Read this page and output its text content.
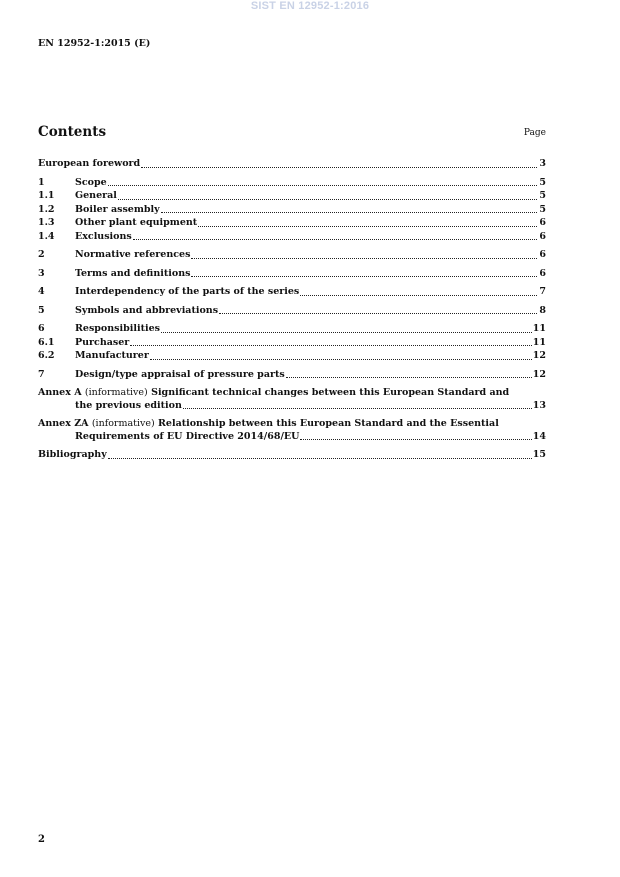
SIST EN 12952-1:2016
EN 12952-1:2015 (E)
Contents	Page
European foreword	3
1	Scope	5
1.1	General	5
1.2	Boiler assembly	5
1.3	Other plant equipment	6
1.4	Exclusions	6
2	Normative references	6
3	Terms and definitions	6
4	Interdependency of the parts of the series	7
5	Symbols and abbreviations	8
6	Responsibilities	11
6.1	Purchaser	11
6.2	Manufacturer	12
7	Design/type appraisal of pressure parts	12
Annex A (informative) Significant technical changes between this European Standard and
the previous edition	13
Annex ZA (informative) Relationship between this European Standard and the Essential
Requirements of EU Directive 2014/68/EU	14
Bibliography	15
2
